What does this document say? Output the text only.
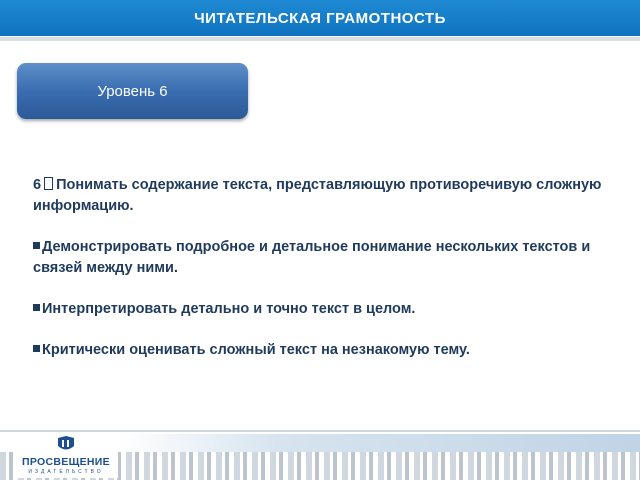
ЧИТАТЕЛЬСКАЯ ГРАМОТНОСТЬ
Уровень 6

6 Понимать содержание текста, представляющую противоречивую сложную информацию.

Демонстрировать подробное и детальное понимание нескольких текстов и связей между ними.

Интерпретировать детально и точно текст в целом.

Критически оценивать сложный текст на незнакомую тему.

ПРОСВЕЩЕНИЕ
ИЗДАТЕЛЬСТВО
